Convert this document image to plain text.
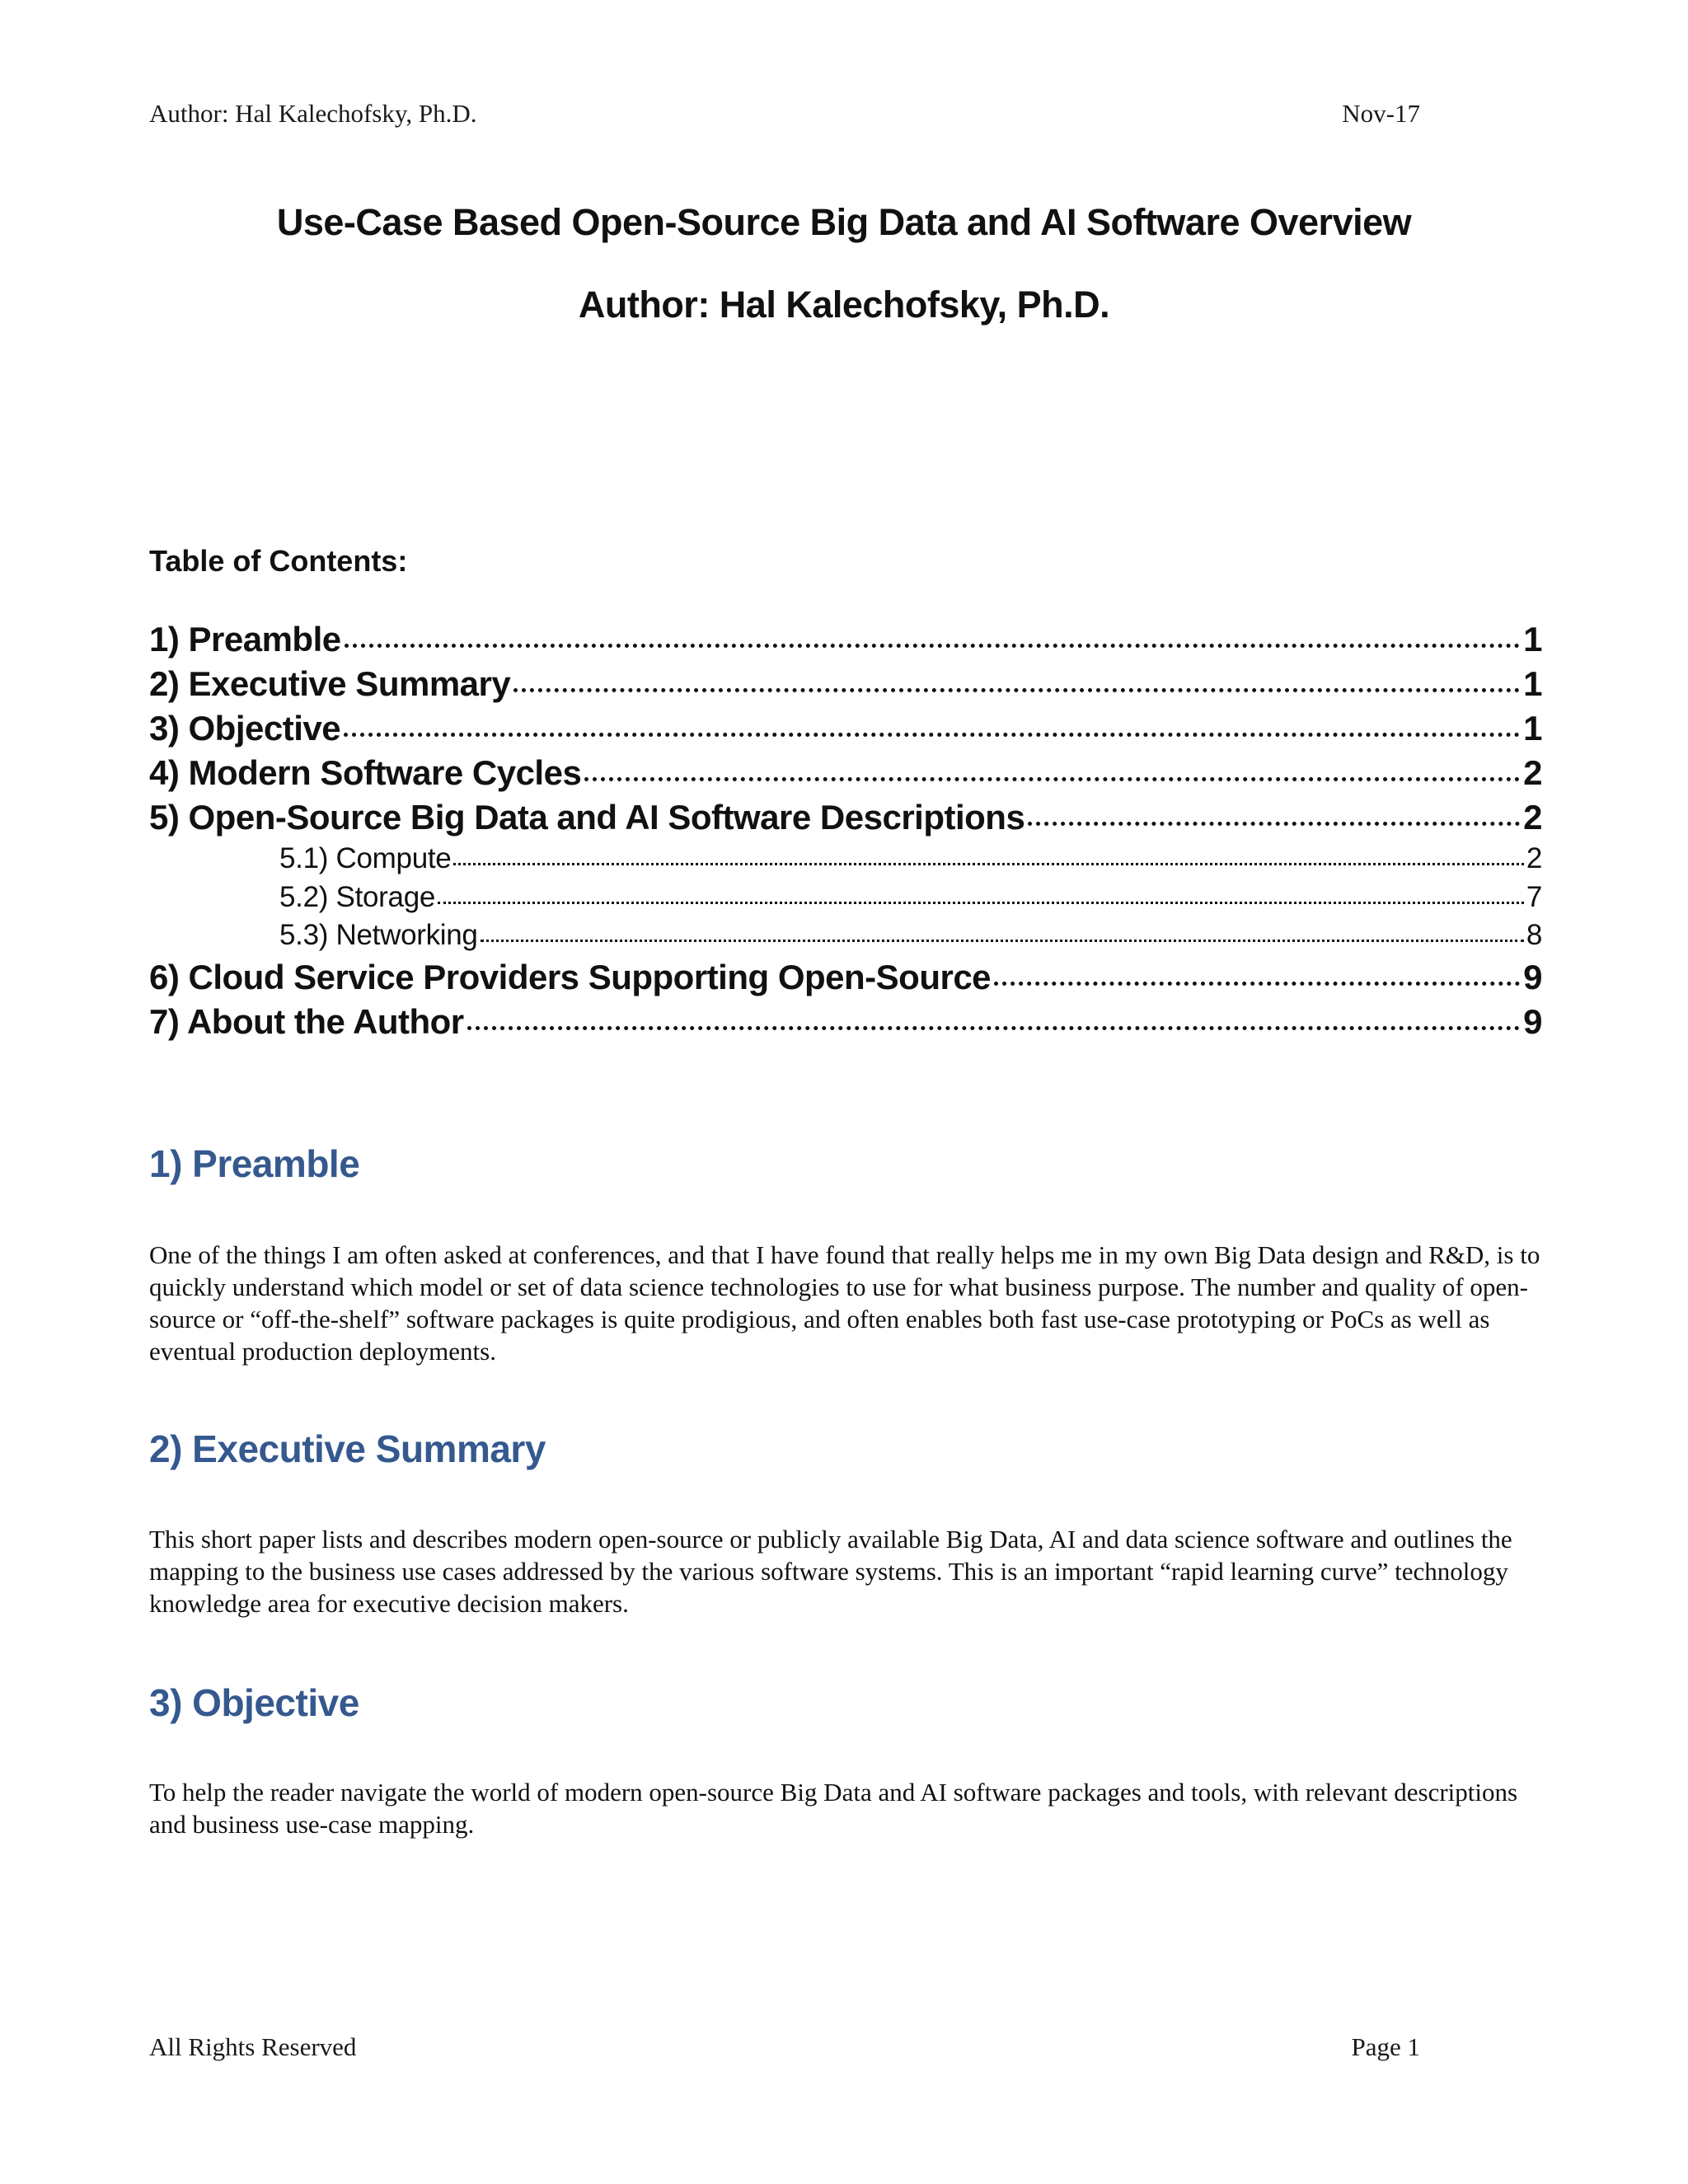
Author: Hal Kalechofsky, Ph.D.	Nov-17
Use-Case Based Open-Source Big Data and AI Software Overview
Author: Hal Kalechofsky, Ph.D.
Table of Contents:
1) Preamble	1
2) Executive Summary	1
3) Objective	1
4) Modern Software Cycles	2
5) Open-Source Big Data and AI Software Descriptions	2
5.1) Compute	2
5.2) Storage	7
5.3) Networking	8
6) Cloud Service Providers Supporting Open-Source	9
7) About the Author	9
1) Preamble

One of the things I am often asked at conferences, and that I have found that really helps me in my own Big Data design and R&D, is to quickly understand which model or set of data science technologies to use for what business purpose. The number and quality of open-source or “off-the-shelf” software packages is quite prodigious, and often enables both fast use-case prototyping or PoCs as well as eventual production deployments.

2) Executive Summary

This short paper lists and describes modern open-source or publicly available Big Data, AI and data science software and outlines the mapping to the business use cases addressed by the various software systems. This is an important “rapid learning curve” technology knowledge area for executive decision makers.

3) Objective

To help the reader navigate the world of modern open-source Big Data and AI software packages and tools, with relevant descriptions and business use-case mapping.

All Rights Reserved	Page 1
